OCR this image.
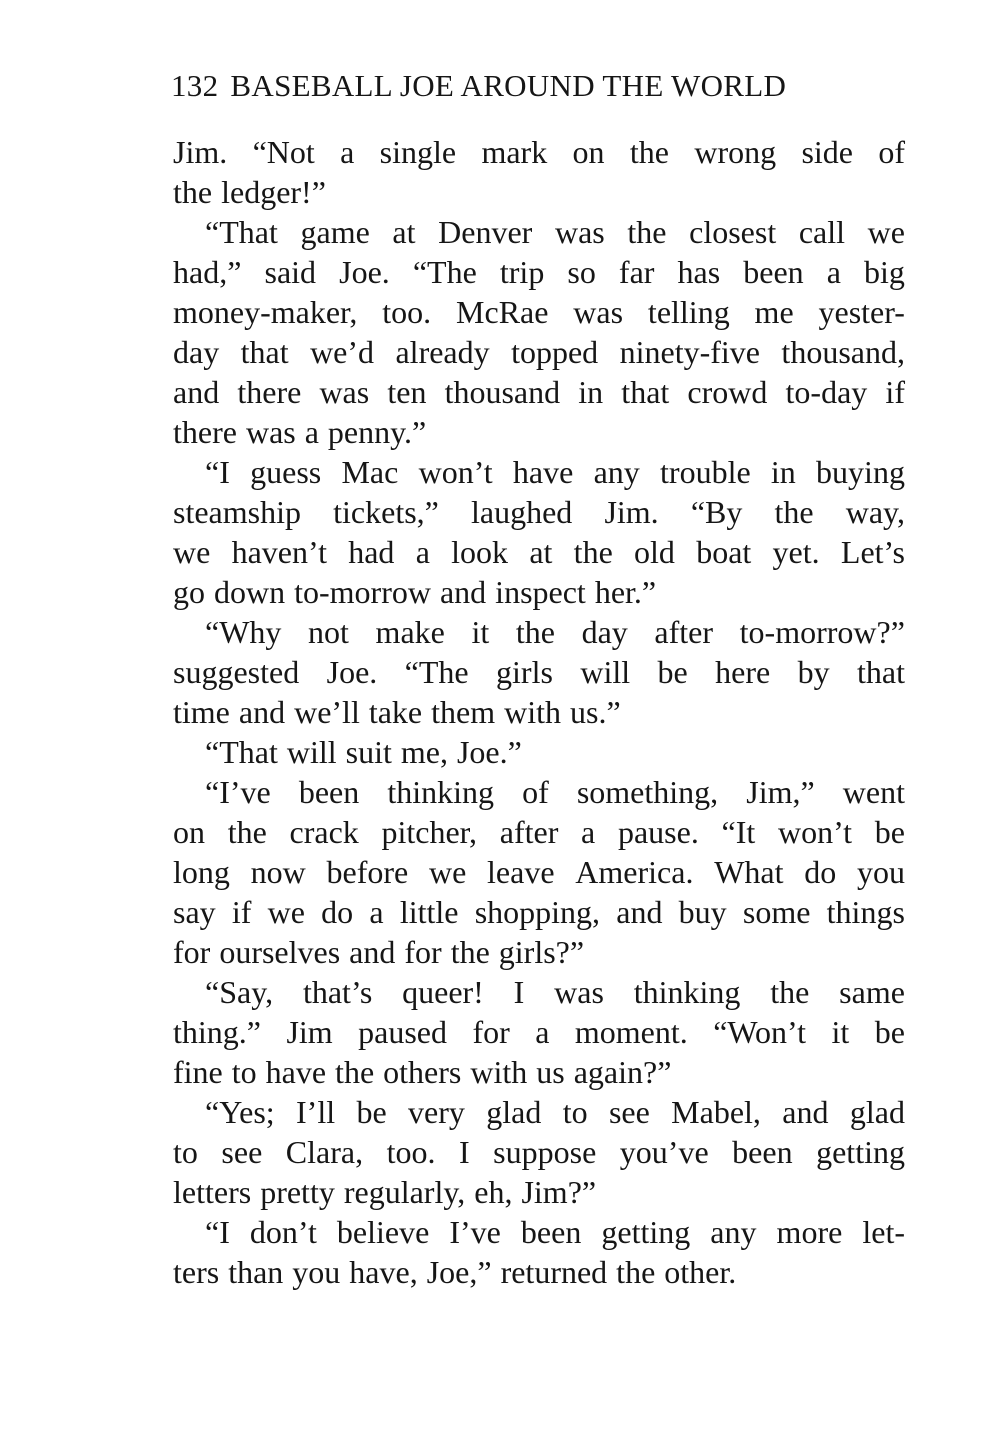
132 BASEBALL JOE AROUND THE WORLD
Jim. “Not a single mark on the wrong side of
the ledger!”
“That game at Denver was the closest call we
had,” said Joe. “The trip so far has been a big
money-maker, too. McRae was telling me yester-
day that we’d already topped ninety-five thousand,
and there was ten thousand in that crowd to-day if
there was a penny.”
“I guess Mac won’t have any trouble in buying
steamship tickets,” laughed Jim. “By the way,
we haven’t had a look at the old boat yet. Let’s
go down to-morrow and inspect her.”
“Why not make it the day after to-morrow?”
suggested Joe. “The girls will be here by that
time and we’ll take them with us.”
“That will suit me, Joe.”
“I’ve been thinking of something, Jim,” went
on the crack pitcher, after a pause. “It won’t be
long now before we leave America. What do you
say if we do a little shopping, and buy some things
for ourselves and for the girls?”
“Say, that’s queer! I was thinking the same
thing.” Jim paused for a moment. “Won’t it be
fine to have the others with us again?”
“Yes; I’ll be very glad to see Mabel, and glad
to see Clara, too. I suppose you’ve been getting
letters pretty regularly, eh, Jim?”
“I don’t believe I’ve been getting any more let-
ters than you have, Joe,” returned the other.
